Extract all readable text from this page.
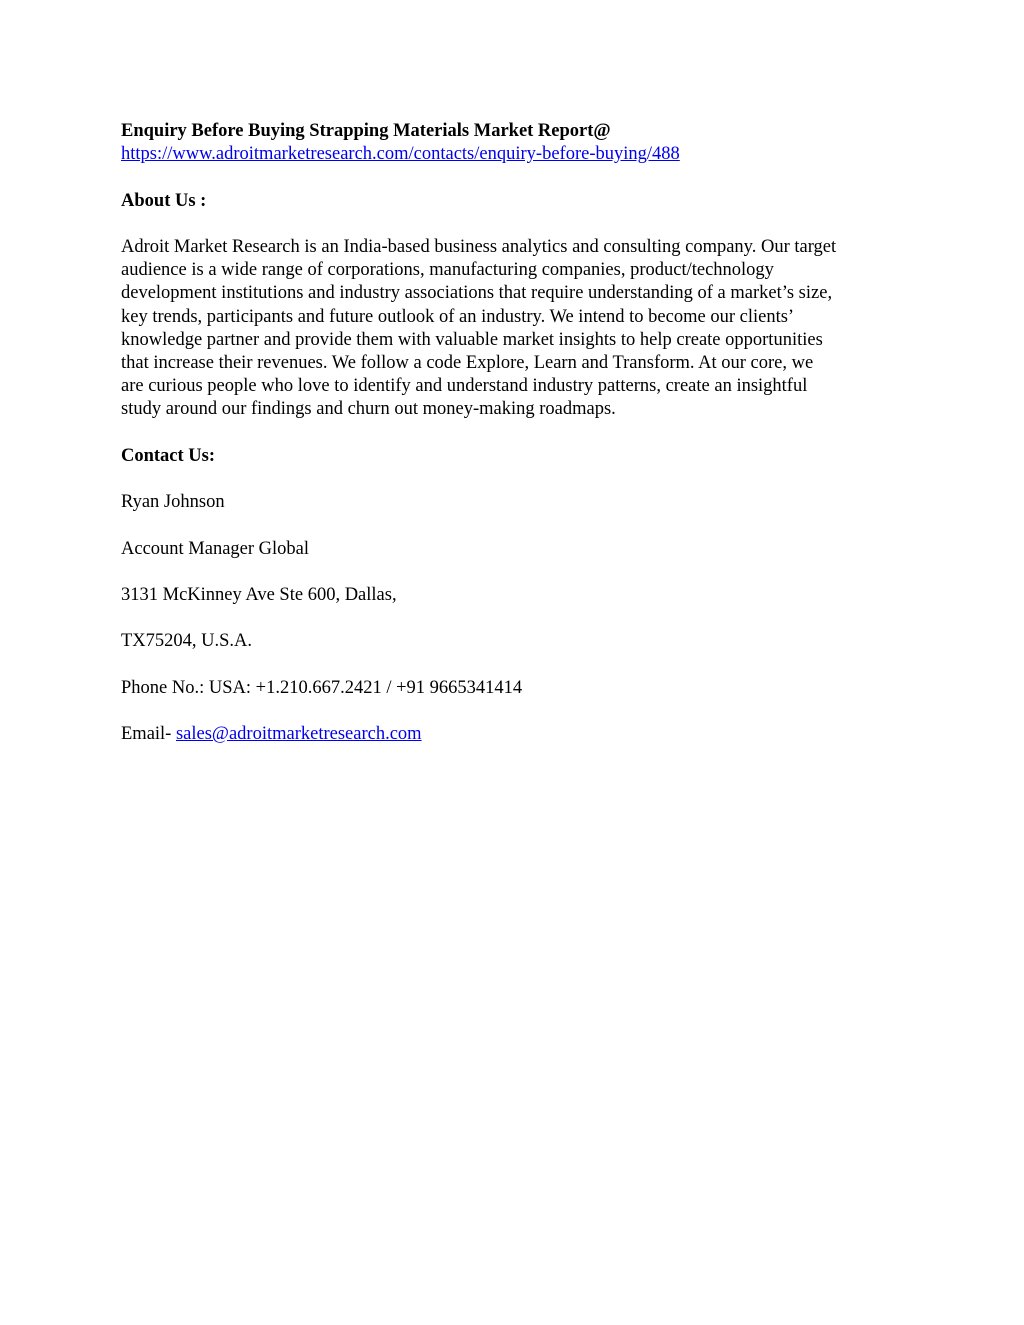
Enquiry Before Buying Strapping Materials Market Report@

https://www.adroitmarketresearch.com/contacts/enquiry-before-buying/488

About Us :

Adroit Market Research is an India-based business analytics and consulting company. Our target
audience is a wide range of corporations, manufacturing companies, product/technology
development institutions and industry associations that require understanding of a market’s size,
key trends, participants and future outlook of an industry. We intend to become our clients’
knowledge partner and provide them with valuable market insights to help create opportunities
that increase their revenues. We follow a code Explore, Learn and Transform. At our core, we
are curious people who love to identify and understand industry patterns, create an insightful
study around our findings and churn out money-making roadmaps.

Contact Us:

Ryan Johnson

Account Manager Global

3131 McKinney Ave Ste 600, Dallas,

TX75204, U.S.A.

Phone No.: USA: +1.210.667.2421 / +91 9665341414

Email- sales@adroitmarketresearch.com
